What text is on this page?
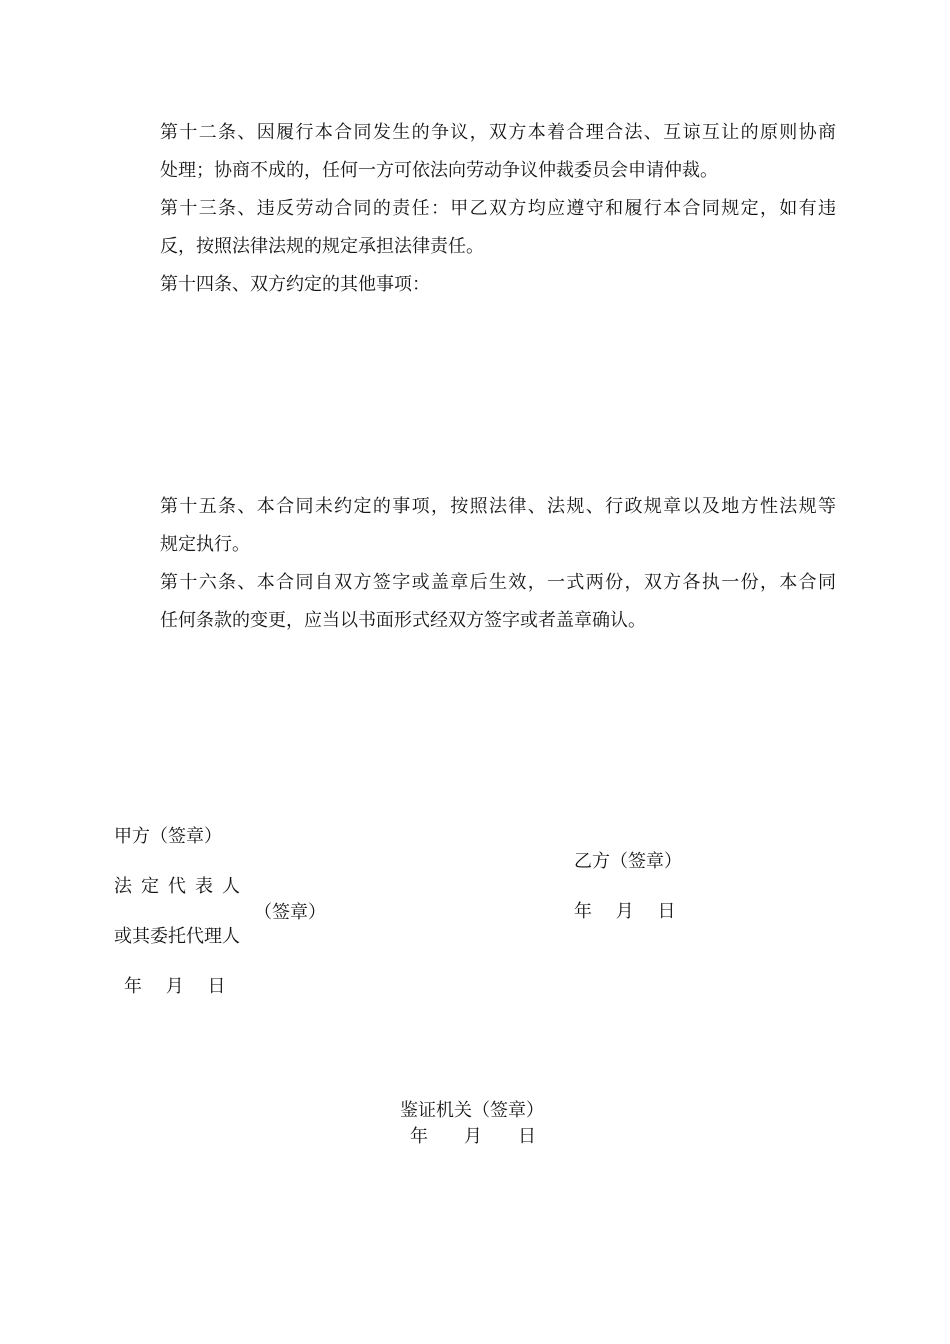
第十二条、因履行本合同发生的争议，双方本着合理合法、互谅互让的原则协商

处理；协商不成的，任何一方可依法向劳动争议仲裁委员会申请仲裁。

第十三条、违反劳动合同的责任：甲乙双方均应遵守和履行本合同规定，如有违

反，按照法律法规的规定承担法律责任。

第十四条、双方约定的其他事项：

第十五条、本合同未约定的事项，按照法律、法规、行政规章以及地方性法规等

规定执行。

第十六条、本合同自双方签字或盖章后生效，一式两份，双方各执一份，本合同

任何条款的变更，应当以书面形式经双方签字或者盖章确认。

甲方（签章）

法定代表人

（签章）

或其委托代理人

年　 月　 日

乙方（签章）

年　 月　 日

鉴证机关（签章）

年　　月　　日
